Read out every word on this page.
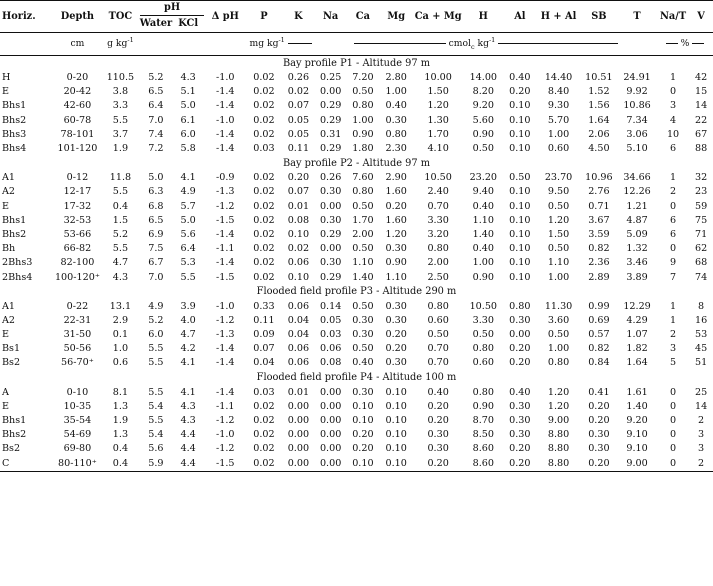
Horiz.	Depth	TOC	pH		Δ pH	P	K	Na	Ca	Mg	Ca + Mg	H	Al	H + Al	SB	T	Na/T	V
			Water	KCl														
	cm	g $kg^{-1}$				mg $kg^{-1}$		cmol$_c$ $kg^{-1}$									%	
Bay profile P1 - Altitude 97 m																		
H	0-20	110.5	5.2	4.3	-1.0	0.02	0.26	0.25	7.20	2.80	10.00	14.00	0.40	14.40	10.51	24.91	1	42
E	20-42	3.8	6.5	5.1	-1.4	0.02	0.02	0.00	0.50	1.00	1.50	8.20	0.20	8.40	1.52	9.92	0	15
Bhs1	42-60	3.3	6.4	5.0	-1.4	0.02	0.07	0.29	0.80	0.40	1.20	9.20	0.10	9.30	1.56	10.86	3	14
Bhs2	60-78	5.5	7.0	6.1	-1.0	0.02	0.05	0.29	1.00	0.30	1.30	5.60	0.10	5.70	1.64	7.34	4	22
Bhs3	78-101	3.7	7.4	6.0	-1.4	0.02	0.05	0.31	0.90	0.80	1.70	0.90	0.10	1.00	2.06	3.06	10	67
Bhs4	101-120	1.9	7.2	5.8	-1.4	0.03	0.11	0.29	1.80	2.30	4.10	0.50	0.10	0.60	4.50	5.10	6	88
Bay profile P2 - Altitude 97 m																		
A1	0-12	11.8	5.0	4.1	-0.9	0.02	0.20	0.26	7.60	2.90	10.50	23.20	0.50	23.70	10.96	34.66	1	32
A2	12-17	5.5	6.3	4.9	-1.3	0.02	0.07	0.30	0.80	1.60	2.40	9.40	0.10	9.50	2.76	12.26	2	23
E	17-32	0.4	6.8	5.7	-1.2	0.02	0.01	0.00	0.50	0.20	0.70	0.40	0.10	0.50	0.71	1.21	0	59
Bhs1	32-53	1.5	6.5	5.0	-1.5	0.02	0.08	0.30	1.70	1.60	3.30	1.10	0.10	1.20	3.67	4.87	6	75
Bhs2	53-66	5.2	6.9	5.6	-1.4	0.02	0.10	0.29	2.00	1.20	3.20	1.40	0.10	1.50	3.59	5.09	6	71
Bh	66-82	5.5	7.5	6.4	-1.1	0.02	0.02	0.00	0.50	0.30	0.80	0.40	0.10	0.50	0.82	1.32	0	62
2Bhs3	82-100	4.7	6.7	5.3	-1.4	0.02	0.06	0.30	1.10	0.90	2.00	1.00	0.10	1.10	2.36	3.46	9	68
2Bhs4	100-120⁺	4.3	7.0	5.5	-1.5	0.02	0.10	0.29	1.40	1.10	2.50	0.90	0.10	1.00	2.89	3.89	7	74
Flooded field profile P3 - Altitude 290 m																		
A1	0-22	13.1	4.9	3.9	-1.0	0.33	0.06	0.14	0.50	0.30	0.80	10.50	0.80	11.30	0.99	12.29	1	8
A2	22-31	2.9	5.2	4.0	-1.2	0.11	0.04	0.05	0.30	0.30	0.60	3.30	0.30	3.60	0.69	4.29	1	16
E	31-50	0.1	6.0	4.7	-1.3	0.09	0.04	0.03	0.30	0.20	0.50	0.50	0.00	0.50	0.57	1.07	2	53
Bs1	50-56	1.0	5.5	4.2	-1.4	0.07	0.06	0.06	0.50	0.20	0.70	0.80	0.20	1.00	0.82	1.82	3	45
Bs2	56-70⁺	0.6	5.5	4.1	-1.4	0.04	0.06	0.08	0.40	0.30	0.70	0.60	0.20	0.80	0.84	1.64	5	51
Flooded field profile P4 - Altitude 100 m																		
A	0-10	8.1	5.5	4.1	-1.4	0.03	0.01	0.00	0.30	0.10	0.40	0.80	0.40	1.20	0.41	1.61	0	25
E	10-35	1.3	5.4	4.3	-1.1	0.02	0.00	0.00	0.10	0.10	0.20	0.90	0.30	1.20	0.20	1.40	0	14
Bhs1	35-54	1.9	5.5	4.3	-1.2	0.02	0.00	0.00	0.10	0.10	0.20	8.70	0.30	9.00	0.20	9.20	0	2
Bhs2	54-69	1.3	5.4	4.4	-1.0	0.02	0.00	0.00	0.20	0.10	0.30	8.50	0.30	8.80	0.30	9.10	0	3
Bs2	69-80	0.4	5.6	4.4	-1.2	0.02	0.00	0.00	0.20	0.10	0.30	8.60	0.20	8.80	0.30	9.10	0	3
C	80-110⁺	0.4	5.9	4.4	-1.5	0.02	0.00	0.00	0.10	0.10	0.20	8.60	0.20	8.80	0.20	9.00	0	2
